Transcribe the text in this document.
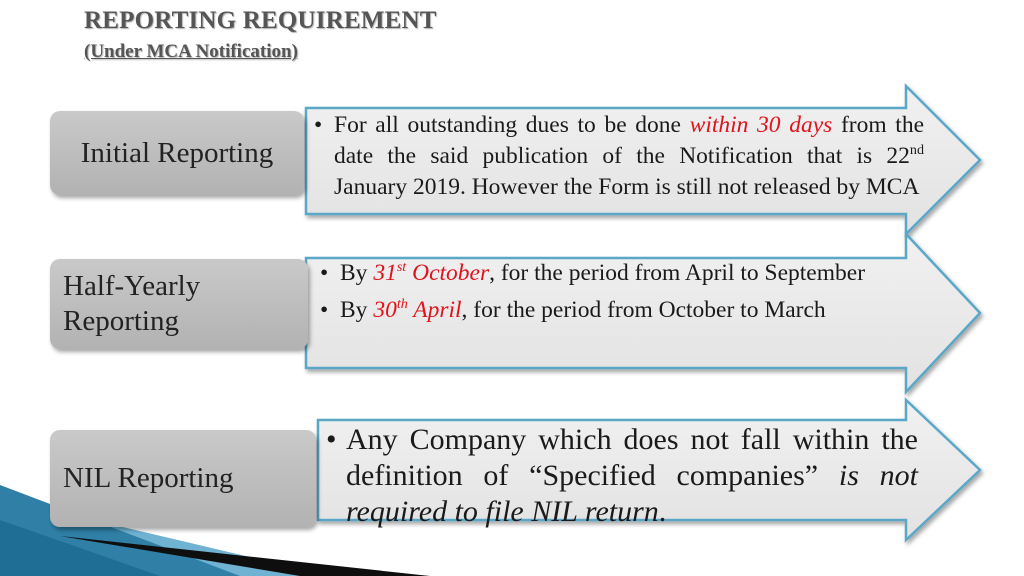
REPORTING REQUIREMENT
(Under MCA Notification)
Initial Reporting
Half-Yearly Reporting
NIL Reporting
• For all outstanding dues to be done within 30 days from the date the said publication of the Notification that is 22nd January 2019. However the Form is still not released by MCA
• By 31st October, for the period from April to September
• By 30th April, for the period from October to March
• Any Company which does not fall within the definition of “Specified companies” is not required to file NIL return.
